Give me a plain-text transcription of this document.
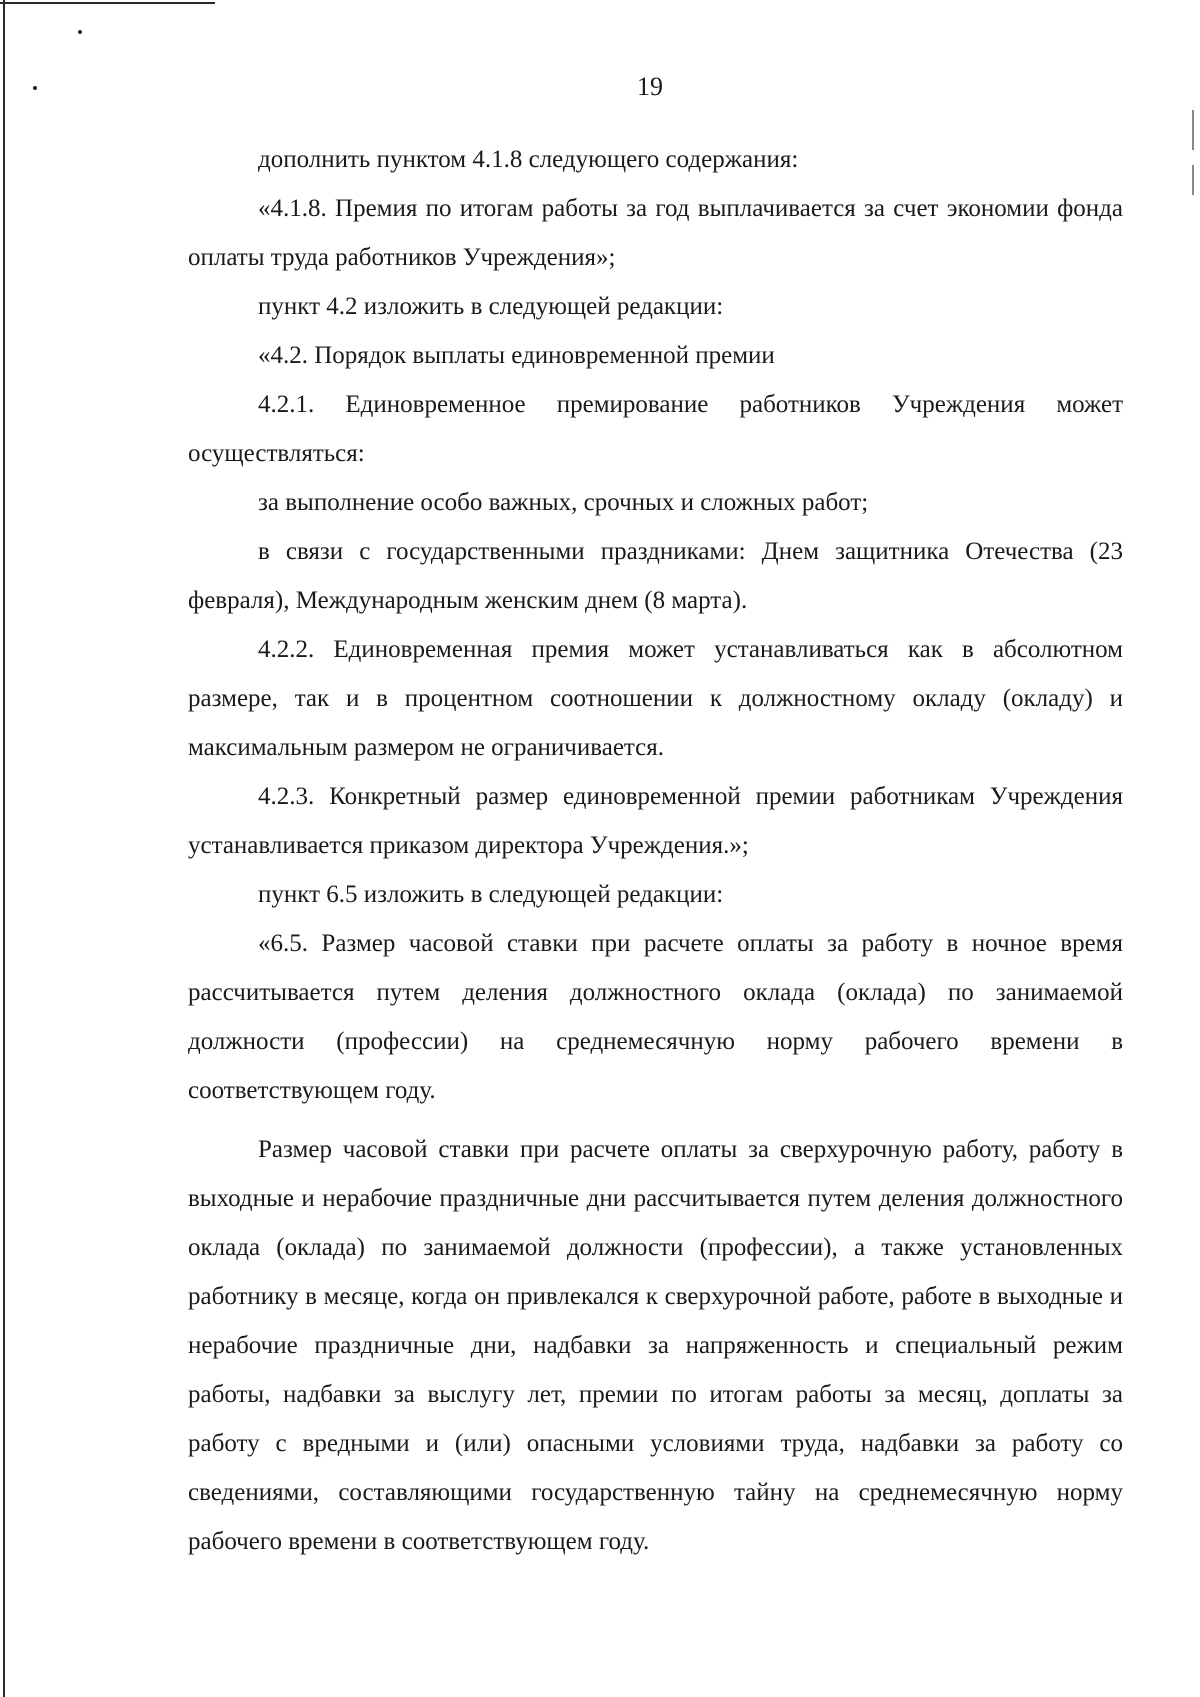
19

дополнить пунктом 4.1.8 следующего содержания:

«4.1.8. Премия по итогам работы за год выплачивается за счет экономии фонда оплаты труда работников Учреждения»;

пункт 4.2 изложить в следующей редакции:

«4.2. Порядок выплаты единовременной премии

4.2.1. Единовременное премирование работников Учреждения может осуществляться:

за выполнение особо важных, срочных и сложных работ;

в связи с государственными праздниками: Днем защитника Отечества (23 февраля), Международным женским днем (8 марта).

4.2.2. Единовременная премия может устанавливаться как в абсолютном размере, так и в процентном соотношении к должностному окладу (окладу) и максимальным размером не ограничивается.

4.2.3. Конкретный размер единовременной премии работникам Учреждения устанавливается приказом директора Учреждения.»;

пункт 6.5 изложить в следующей редакции:

«6.5. Размер часовой ставки при расчете оплаты за работу в ночное время рассчитывается путем деления должностного оклада (оклада) по занимаемой должности (профессии) на среднемесячную норму рабочего времени в соответствующем году.

Размер часовой ставки при расчете оплаты за сверхурочную работу, работу в выходные и нерабочие праздничные дни рассчитывается путем деления должностного оклада (оклада) по занимаемой должности (профессии), а также установленных работнику в месяце, когда он привлекался к сверхурочной работе, работе в выходные и нерабочие праздничные дни, надбавки за напряженность и специальный режим работы, надбавки за выслугу лет, премии по итогам работы за месяц, доплаты за работу с вредными и (или) опасными условиями труда, надбавки за работу со сведениями, составляющими государственную тайну на среднемесячную норму рабочего времени в соответствующем году.
